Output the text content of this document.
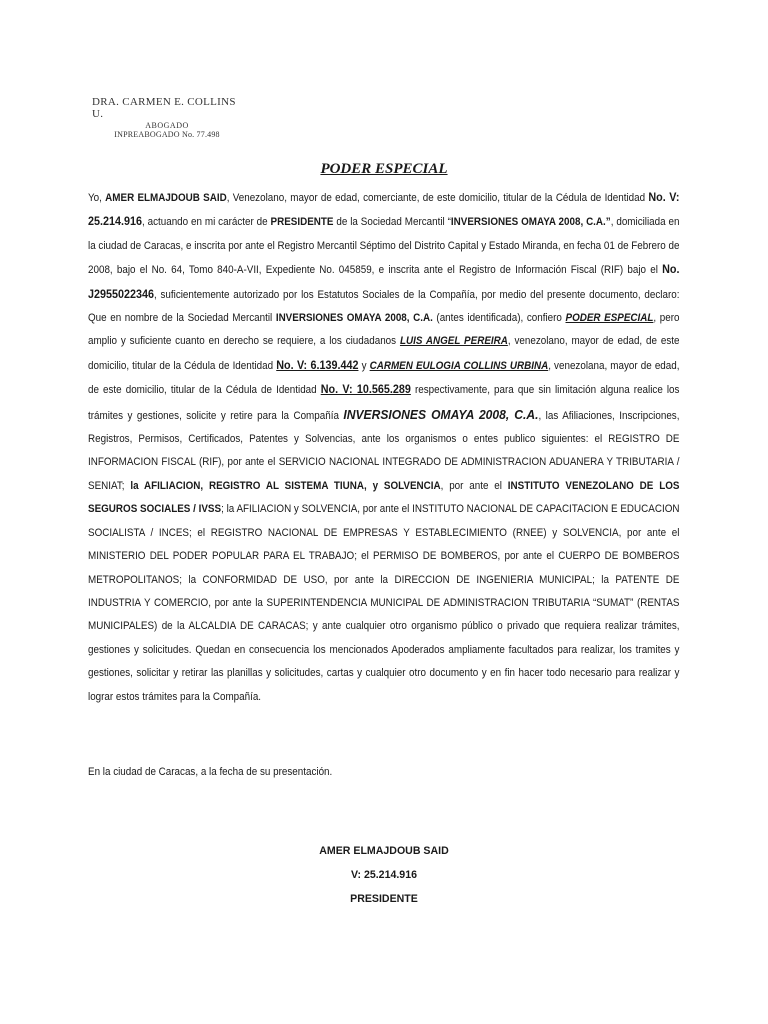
DRA. CARMEN E. COLLINS U.
ABOGADO
INPREABOGADO No. 77.498
PODER ESPECIAL

Yo, AMER ELMAJDOUB SAID, Venezolano, mayor de edad, comerciante, de este domicilio, titular de la Cédula de Identidad No. V: 25.214.916, actuando en mi carácter de PRESIDENTE de la Sociedad Mercantil “INVERSIONES OMAYA 2008, C.A.”, domiciliada en la ciudad de Caracas, e inscrita por ante el Registro Mercantil Séptimo del Distrito Capital y Estado Miranda, en fecha 01 de Febrero de 2008, bajo el No. 64, Tomo 840-A-VII, Expediente No. 045859, e inscrita ante el Registro de Información Fiscal (RIF) bajo el No. J2955022346, suficientemente autorizado por los Estatutos Sociales de la Compañía, por medio del presente documento, declaro: Que en nombre de la Sociedad Mercantil INVERSIONES OMAYA 2008, C.A. (antes identificada), confiero PODER ESPECIAL, pero amplio y suficiente cuanto en derecho se requiere, a los ciudadanos LUIS ANGEL PEREIRA, venezolano, mayor de edad, de este domicilio, titular de la Cédula de Identidad No. V: 6.139.442 y CARMEN EULOGIA COLLINS URBINA, venezolana, mayor de edad, de este domicilio, titular de la Cédula de Identidad No. V: 10.565.289 respectivamente, para que sin limitación alguna realice los trámites y gestiones, solicite y retire para la Compañía INVERSIONES OMAYA 2008, C.A., las Afiliaciones, Inscripciones, Registros, Permisos, Certificados, Patentes y Solvencias, ante los organismos o entes publico siguientes: el REGISTRO DE INFORMACION FISCAL (RIF), por ante el SERVICIO NACIONAL INTEGRADO DE ADMINISTRACION ADUANERA Y TRIBUTARIA / SENIAT; la AFILIACION, REGISTRO AL SISTEMA TIUNA, y SOLVENCIA, por ante el INSTITUTO VENEZOLANO DE LOS SEGUROS SOCIALES / IVSS; la AFILIACION y SOLVENCIA, por ante el INSTITUTO NACIONAL DE CAPACITACION E EDUCACION SOCIALISTA / INCES; el REGISTRO NACIONAL DE EMPRESAS Y ESTABLECIMIENTO (RNEE) y SOLVENCIA, por ante el MINISTERIO DEL PODER POPULAR PARA EL TRABAJO; el PERMISO DE BOMBEROS, por ante el CUERPO DE BOMBEROS METROPOLITANOS; la CONFORMIDAD DE USO, por ante la DIRECCION DE INGENIERIA MUNICIPAL; la PATENTE DE INDUSTRIA Y COMERCIO, por ante la SUPERINTENDENCIA MUNICIPAL DE ADMINISTRACION TRIBUTARIA “SUMAT” (RENTAS MUNICIPALES) de la ALCALDIA DE CARACAS; y ante cualquier otro organismo público o privado que requiera realizar trámites, gestiones y solicitudes. Quedan en consecuencia los mencionados Apoderados ampliamente facultados para realizar, los tramites y gestiones, solicitar y retirar las planillas y solicitudes, cartas y cualquier otro documento y en fin hacer todo necesario para realizar y lograr estos trámites para la Compañía.

En la ciudad de Caracas, a la fecha de su presentación.
AMER ELMAJDOUB SAID
V: 25.214.916
PRESIDENTE
